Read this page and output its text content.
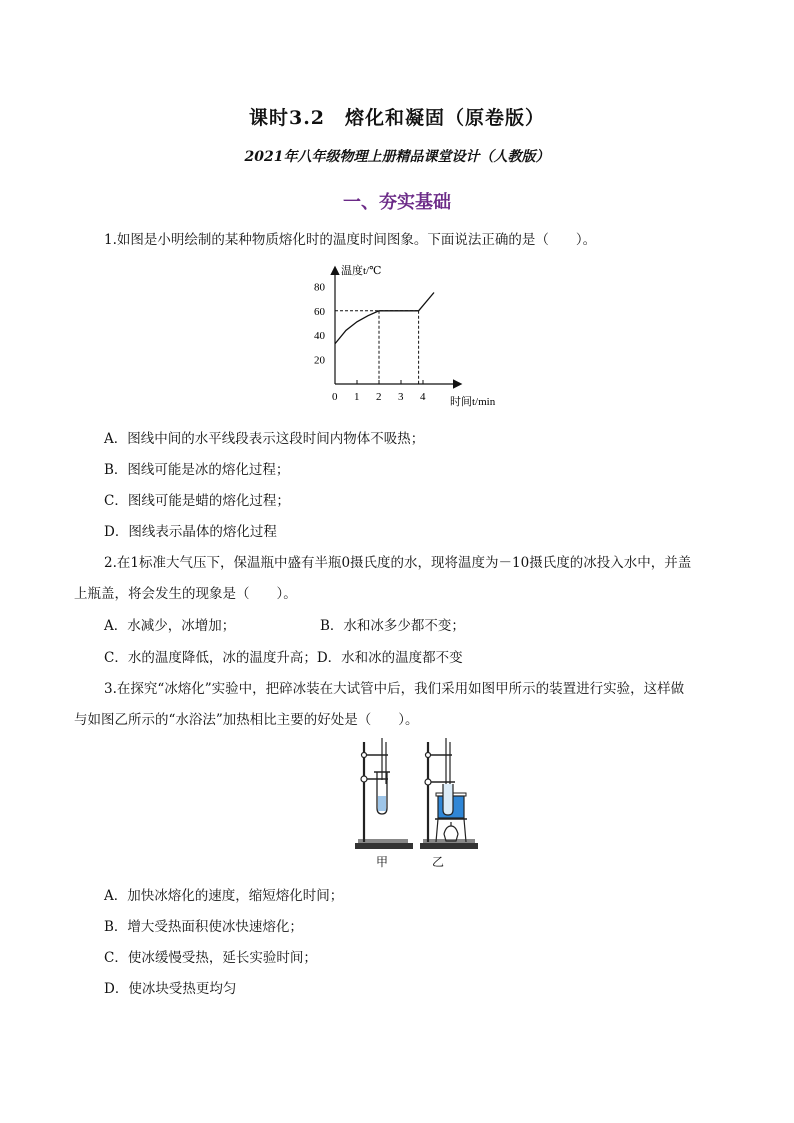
课时3.2　熔化和凝固（原卷版）
2021年八年级物理上册精品课堂设计（人教版）
一、夯实基础
1.如图是小明绘制的某种物质熔化时的温度时间图象。下面说法正确的是（　　）。
温度t/℃
时间t/min
0 1 2 3 4
20
40
60
80
A．图线中间的水平线段表示这段时间内物体不吸热；
B．图线可能是冰的熔化过程；
C．图线可能是蜡的熔化过程；
D．图线表示晶体的熔化过程
2.在1标准大气压下，保温瓶中盛有半瓶0摄氏度的水，现将温度为－10摄氏度的冰投入水中，并盖
上瓶盖，将会发生的现象是（　　）。
A．水减少，冰增加；	B．水和冰多少都不变；
C．水的温度降低，冰的温度升高；D．水和冰的温度都不变
3.在探究“冰熔化”实验中，把碎冰装在大试管中后，我们采用如图甲所示的装置进行实验，这样做
与如图乙所示的“水浴法”加热相比主要的好处是（　　）。
甲	乙
A．加快冰熔化的速度，缩短熔化时间；
B．增大受热面积使冰快速熔化；
C．使冰缓慢受热，延长实验时间；
D．使冰块受热更均匀
